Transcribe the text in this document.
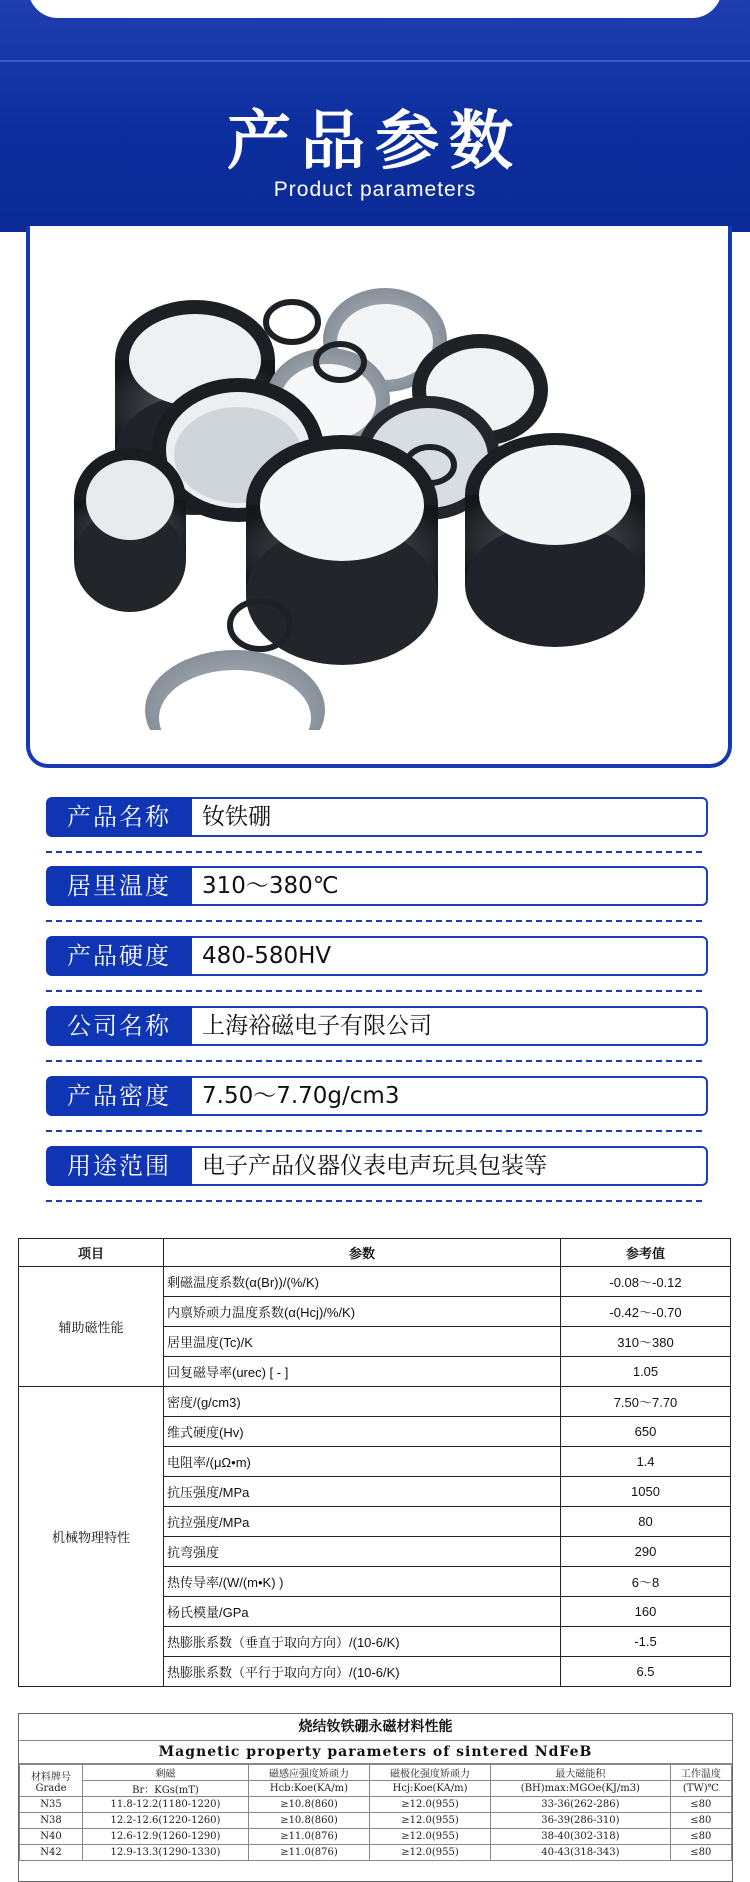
产品参数
Product parameters
产品名称	钕铁硼
居里温度	310～380℃
产品硬度	480-580HV
公司名称	上海裕磁电子有限公司
产品密度	7.50～7.70g/cm3
用途范围	电子产品仪器仪表电声玩具包装等
项目	参数	参考值
辅助磁性能	剩磁温度系数(α(Br))/(%/K)	-0.08～-0.12
	内禀矫顽力温度系数(α(Hcj)/%/K)	-0.42～-0.70
	居里温度(Tc)/K	310～380
	回复磁导率(urec) [ - ]	1.05
机械物理特性	密度/(g/cm3)	7.50～7.70
	维式硬度(Hv)	650
	电阻率/(μΩ•m)	1.4
	抗压强度/MPa	1050
	抗拉强度/MPa	80
	抗弯强度	290
	热传导率/(W/(m•K) )	6～8
	杨氏模量/GPa	160
	热膨胀系数（垂直于取向方向）/(10-6/K)	-1.5
	热膨胀系数（平行于取向方向）/(10-6/K)	6.5
烧结钕铁硼永磁材料性能
Magnetic property parameters of sintered NdFeB
材料牌号
Grade	剩磁	磁感应强度矫顽力	磁极化强度矫顽力	最大磁能积	工作温度
	Br：KGs(mT)	Hcb:Koe(KA/m)	Hcj:Koe(KA/m)	(BH)max:MGOe(KJ/m3)	(TW)℃
N35	11.8-12.2(1180-1220)	≥10.8(860)	≥12.0(955)	33-36(262-286)	≤80
N38	12.2-12.6(1220-1260)	≥10.8(860)	≥12.0(955)	36-39(286-310)	≤80
N40	12.6-12.9(1260-1290)	≥11.0(876)	≥12.0(955)	38-40(302-318)	≤80
N42	12.9-13.3(1290-1330)	≥11.0(876)	≥12.0(955)	40-43(318-343)	≤80
